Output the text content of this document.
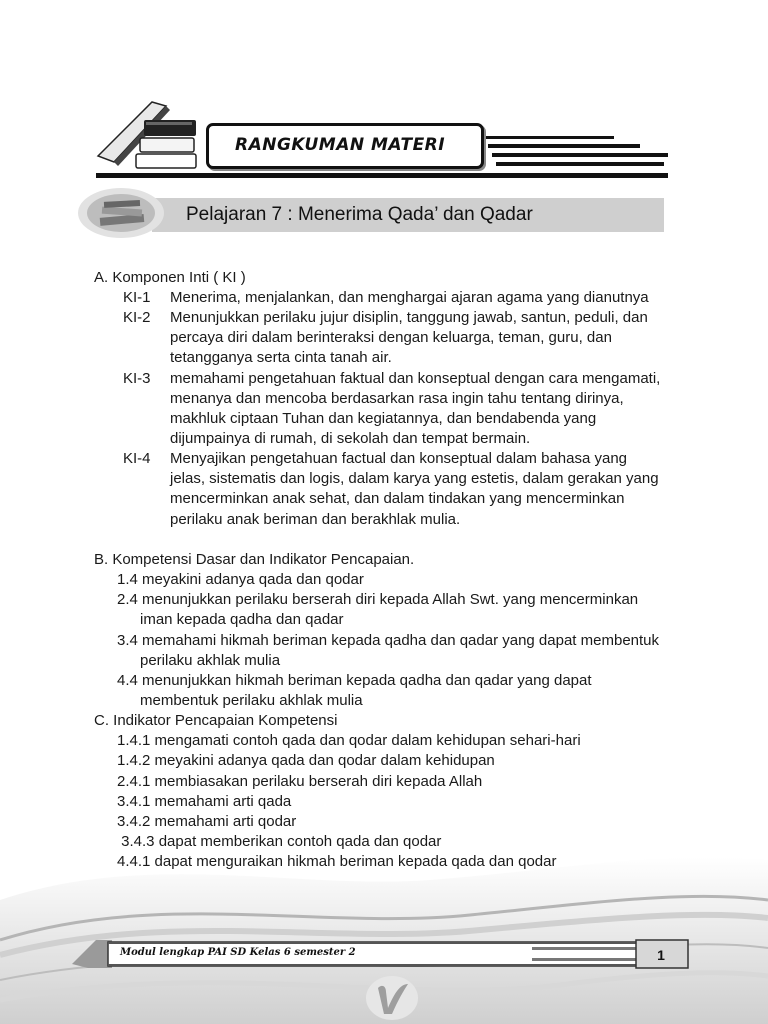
RANGKUMAN MATERI
Pelajaran 7 : Menerima Qada’ dan Qadar
A. Komponen Inti ( KI )
KI-1 Menerima, menjalankan, dan menghargai ajaran agama yang dianutnya
KI-2 Menunjukkan perilaku jujur disiplin, tanggung jawab, santun, peduli, dan
percaya diri dalam berinteraksi dengan keluarga, teman, guru, dan
tetangganya serta cinta tanah air.
KI-3 memahami pengetahuan faktual dan konseptual dengan cara mengamati,
menanya dan mencoba berdasarkan rasa ingin tahu tentang dirinya,
makhluk ciptaan Tuhan dan kegiatannya, dan bendabenda yang
dijumpainya di rumah, di sekolah dan tempat bermain.
KI-4 Menyajikan pengetahuan factual dan konseptual dalam bahasa yang
jelas, sistematis dan logis, dalam karya yang estetis, dalam gerakan yang
mencerminkan anak sehat, dan dalam tindakan yang mencerminkan
perilaku anak beriman dan berakhlak mulia.
B. Kompetensi Dasar dan Indikator Pencapaian.
1.4 meyakini adanya qada dan qodar
2.4 menunjukkan perilaku berserah diri kepada Allah Swt. yang mencerminkan
iman kepada qadha dan qadar
3.4 memahami hikmah beriman kepada qadha dan qadar yang dapat membentuk
perilaku akhlak mulia
4.4 menunjukkan hikmah beriman kepada qadha dan qadar yang dapat
membentuk perilaku akhlak mulia
C. Indikator Pencapaian Kompetensi
1.4.1 mengamati contoh qada dan qodar dalam kehidupan sehari-hari
1.4.2 meyakini adanya qada dan qodar dalam kehidupan
2.4.1 membiasakan perilaku berserah diri kepada Allah
3.4.1 memahami arti qada
3.4.2 memahami arti qodar
3.4.3 dapat memberikan contoh qada dan qodar
4.4.1 dapat menguraikan hikmah beriman kepada qada dan qodar
Modul lengkap PAI SD Kelas 6 semester 2	1
